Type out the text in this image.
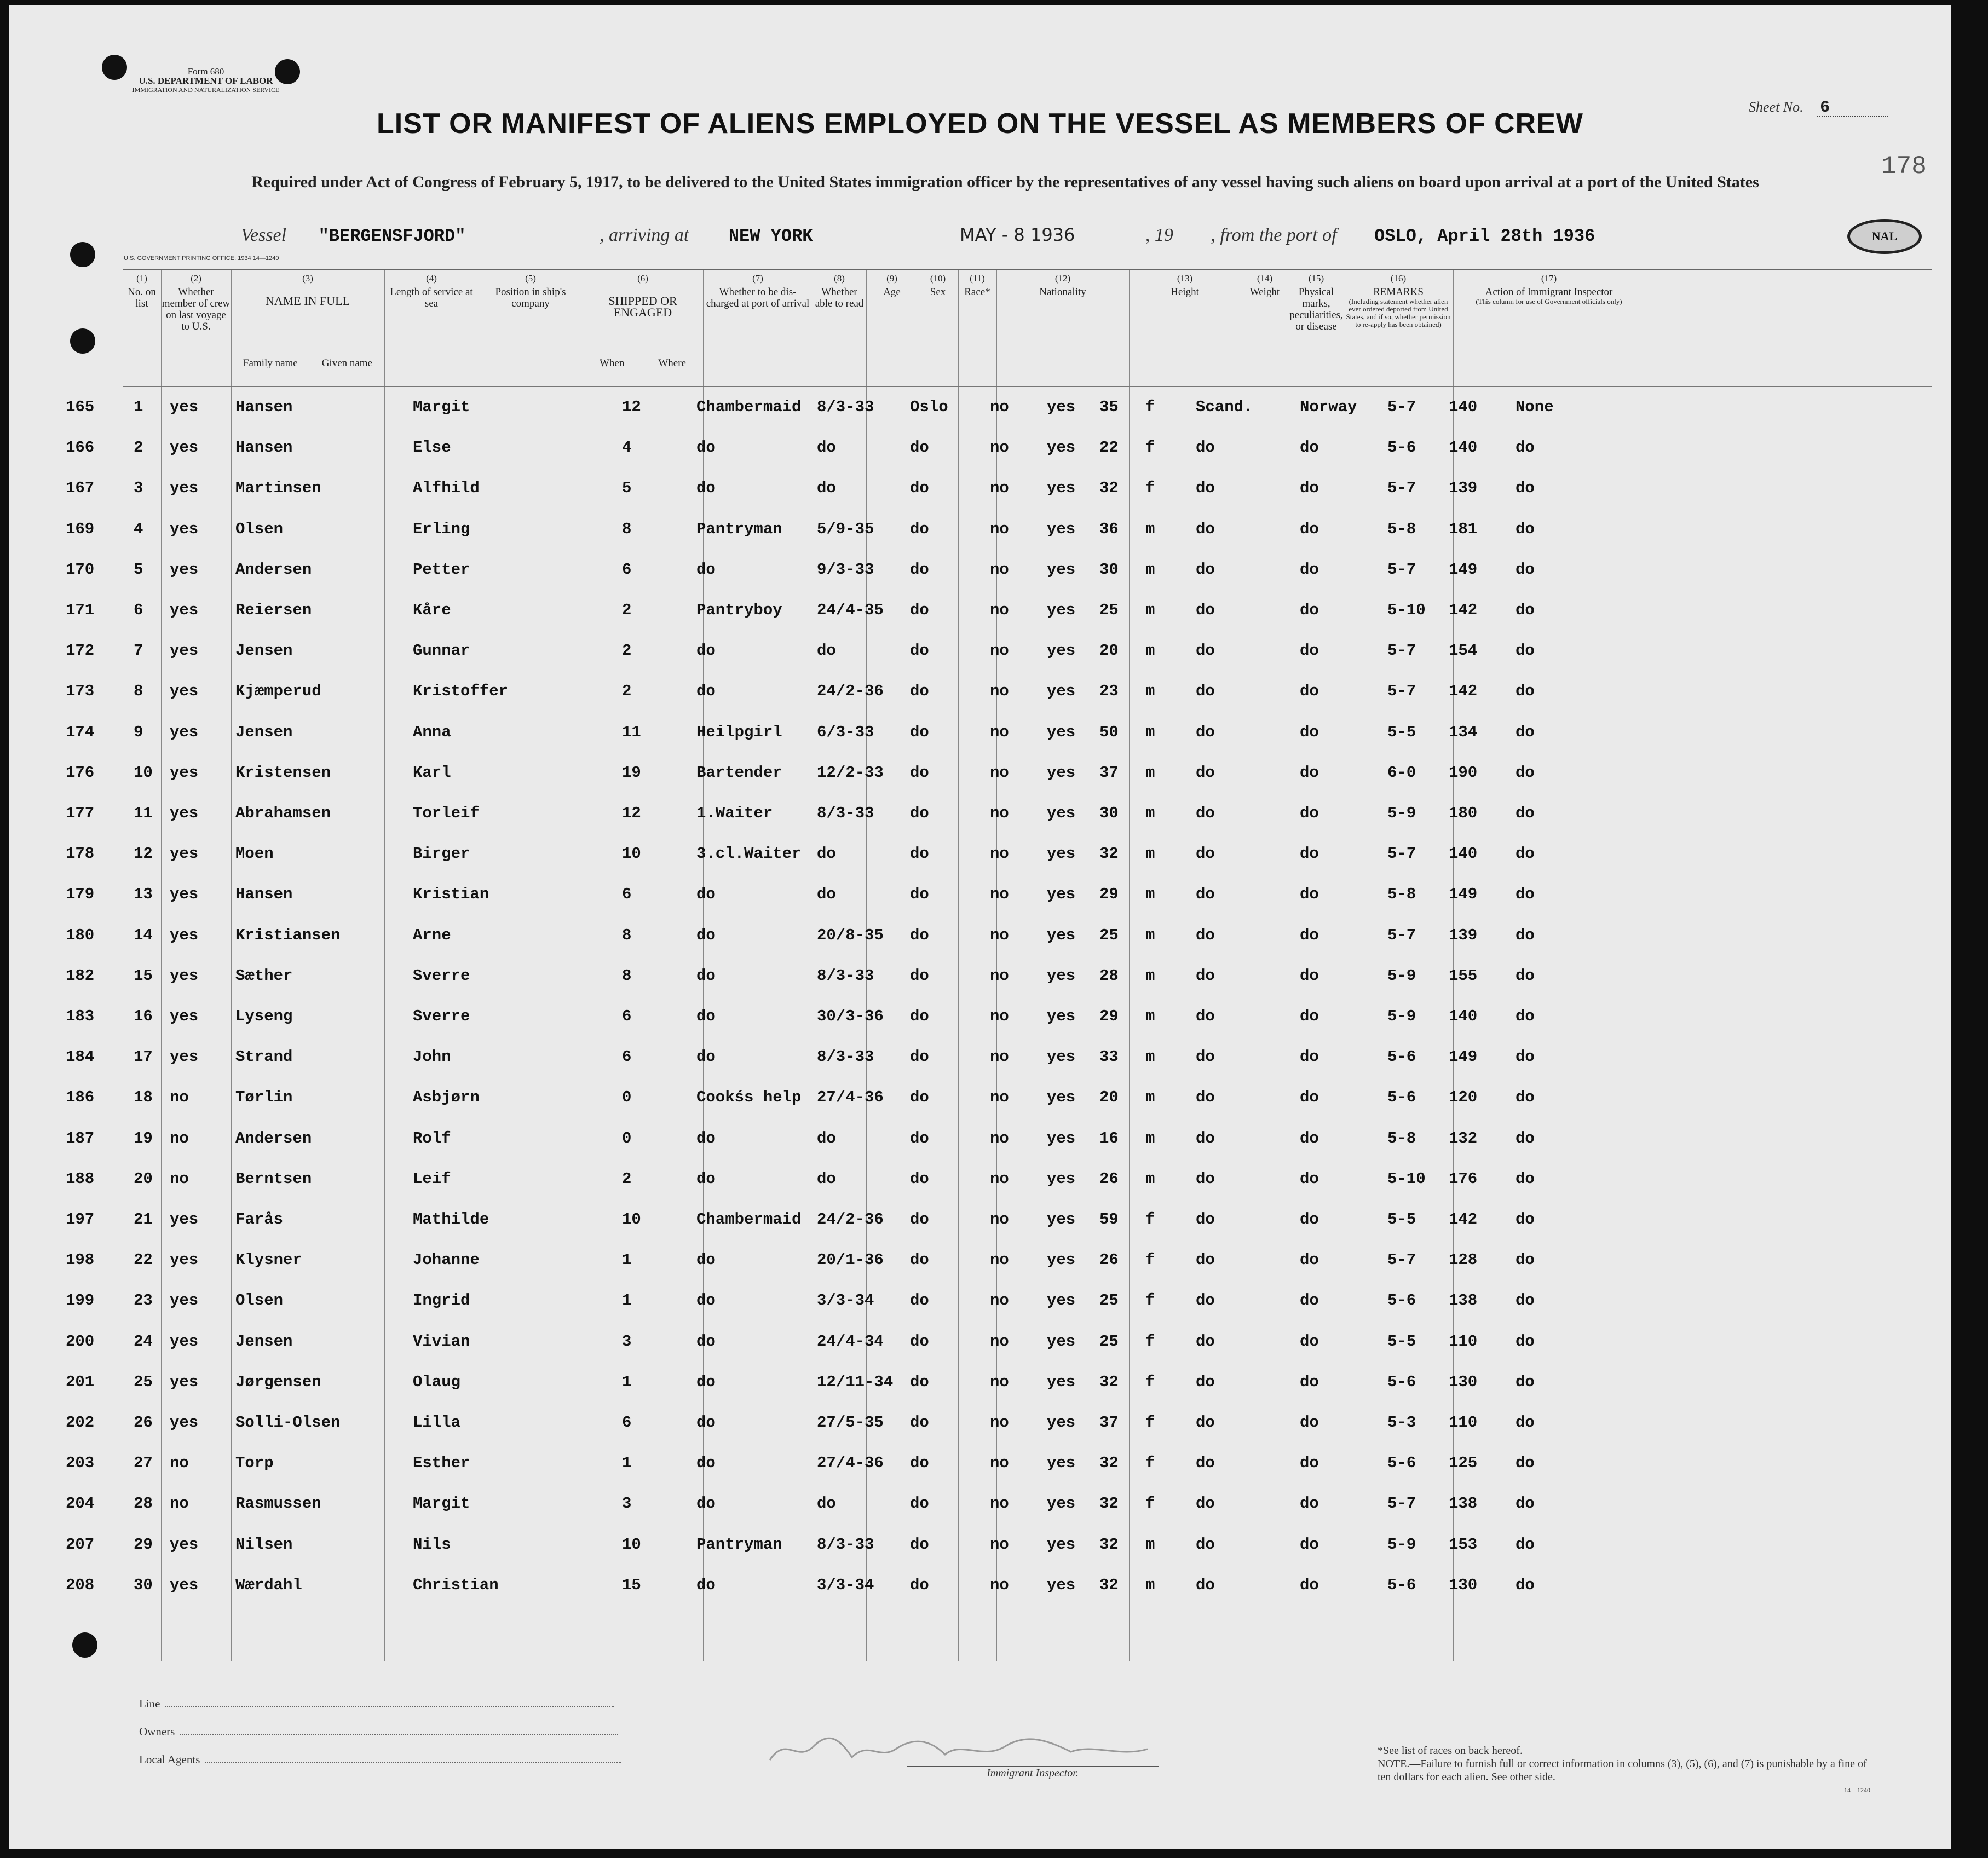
Form 680
U.S. DEPARTMENT OF LABOR
IMMIGRATION AND NATURALIZATION SERVICE
Sheet No. 6
178
LIST OR MANIFEST OF ALIENS EMPLOYED ON THE VESSEL AS MEMBERS OF CREW
Required under Act of Congress of February 5, 1917, to be delivered to the United States immigration officer by the representatives of any vessel having such aliens on board upon arrival at a port of the United States
Vessel "BERGENSFJORD"	, arriving at NEW YORK	MAY - 8 1936	, 19 , from the port of OSLO, April 28th 1936
U.S. GOVERNMENT PRINTING OFFICE: 1934 14—1240
NAL
(1)
No. on list
(2)
Whether member of crew on last voyage to U.S.
(3)
NAME IN FULL
Family name Given name
(4)
Length of service at sea
(5)
Position in ship's company
(6)
SHIPPED OR ENGAGED
When	Where
(7)
Whether to be dis-charged at port of arrival
(8)
Whether able to read
(9)
Age
(10)
Sex
(11)
Race*
(12)
Nationality
(13)
Height
(14)
Weight
(15)
Physical marks, peculiarities, or disease
(16)
REMARKS
(Including statement whether alien ever ordered deported from United States, and if so, whether permission to re-apply has been obtained)
(17)
Action of Immigrant Inspector
(This column for use of Government officials only)
165 1 yes Hansen	Margit	12	Chambermaid 8/3-33 Oslo	no yes 35 f	Scand.	Norway 5-7 140 None
166 2 yes Hansen	Else	4	do	do	do	no yes 22 f	do	do	5-6 140 do
167 3 yes Martinsen	Alfhild	5	do	do	do	no yes 32 f	do	do	5-7 139 do
169 4 yes Olsen	Erling	8	Pantryman 5/9-35 do	no yes 36 m	do	do	5-8 181 do
170 5 yes Andersen	Petter	6	do	9/3-33 do	no yes 30 m	do	do	5-7 149 do
171 6 yes Reiersen	Kåre	2	Pantryboy 24/4-35 do	no yes 25 m	do	do	5-10 142 do
172 7 yes Jensen	Gunnar	2	do	do	do	no yes 20 m	do	do	5-7 154 do
173 8 yes Kjæmperud	Kristoffer	2	do	24/2-36 do	no yes 23 m	do	do	5-7 142 do
174 9 yes Jensen	Anna	11	Heilpgirl 6/3-33 do	no yes 50 m	do	do	5-5 134 do
176 10 yes Kristensen	Karl	19	Bartender 12/2-33 do	no yes 37 m	do	do	6-0 190 do
177 11 yes Abrahamsen	Torleif	12	1.Waiter	8/3-33 do	no yes 30 m	do	do	5-9 180 do
178 12 yes Moen	Birger	10	3.cl.Waiter do	do	no yes 32 m	do	do	5-7 140 do
179 13 yes Hansen	Kristian	6	do	do	do	no yes 29 m	do	do	5-8 149 do
180 14 yes Kristiansen	Arne	8	do	20/8-35 do	no yes 25 m	do	do	5-7 139 do
182 15 yes Sæther	Sverre	8	do	8/3-33 do	no yes 28 m	do	do	5-9 155 do
183 16 yes Lyseng	Sverre	6	do	30/3-36 do	no yes 29 m	do	do	5-9 140 do
184 17 yes Strand	John	6	do	8/3-33 do	no yes 33 m	do	do	5-6 149 do
186 18 no	Tørlin	Asbjørn	0	Cookśs help 27/4-36 do	no yes 20 m	do	do	5-6 120 do
187 19 no	Andersen	Rolf	0	do	do	do	no yes 16 m	do	do	5-8 132 do
188 20 no	Berntsen	Leif	2	do	do	do	no yes 26 m	do	do	5-10 176 do
197 21 yes Farås	Mathilde	10	Chambermaid 24/2-36 do	no yes 59 f	do	do	5-5 142 do
198 22 yes Klysner	Johanne	1	do	20/1-36 do	no yes 26 f	do	do	5-7 128 do
199 23 yes Olsen	Ingrid	1	do	3/3-34 do	no yes 25 f	do	do	5-6 138 do
200 24 yes Jensen	Vivian	3	do	24/4-34 do	no yes 25 f	do	do	5-5 110 do
201 25 yes Jørgensen	Olaug	1	do	12/11-34 do	no yes 32 f	do	do	5-6 130 do
202 26 yes Solli-Olsen	Lilla	6	do	27/5-35 do	no yes 37 f	do	do	5-3 110 do
203 27 no	Torp	Esther	1	do	27/4-36 do	no yes 32 f	do	do	5-6 125 do
204 28 no	Rasmussen	Margit	3	do	do	do	no yes 32 f	do	do	5-7 138 do
207 29 yes Nilsen	Nils	10	Pantryman 8/3-33 do	no yes 32 m	do	do	5-9 153 do
208 30 yes Wærdahl	Christian	15	do	3/3-34 do	no yes 32 m	do	do	5-6 130 do
Line
Owners
Local Agents
Immigrant Inspector.
*See list of races on back hereof.
NOTE.—Failure to furnish full or correct information in columns (3), (5), (6), and (7) is punishable by a fine of ten dollars for each alien. See other side.
14—1240
